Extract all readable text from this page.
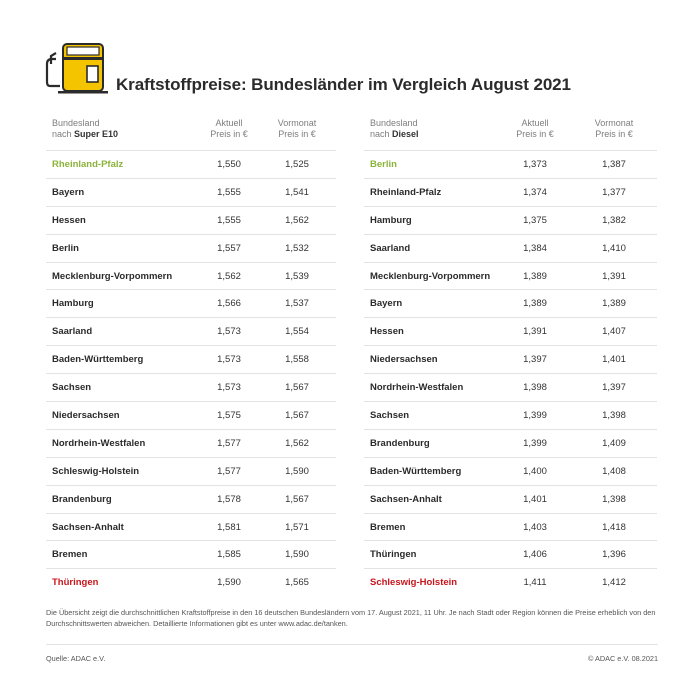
Kraftstoffpreise: Bundesländer im Vergleich August 2021
Bundesland
nach Super E10
Aktuell
Preis in €
Vormonat
Preis in €
Rheinland-Pfalz	1,550	1,525
Bayern	1,555	1,541
Hessen	1,555	1,562
Berlin	1,557	1,532
Mecklenburg-Vorpommern	1,562	1,539
Hamburg	1,566	1,537
Saarland	1,573	1,554
Baden-Württemberg	1,573	1,558
Sachsen	1,573	1,567
Niedersachsen	1,575	1,567
Nordrhein-Westfalen	1,577	1,562
Schleswig-Holstein	1,577	1,590
Brandenburg	1,578	1,567
Sachsen-Anhalt	1,581	1,571
Bremen	1,585	1,590
Thüringen	1,590	1,565
Bundesland
nach Diesel
Aktuell
Preis in €
Vormonat
Preis in €
Berlin	1,373	1,387
Rheinland-Pfalz	1,374	1,377
Hamburg	1,375	1,382
Saarland	1,384	1,410
Mecklenburg-Vorpommern	1,389	1,391
Bayern	1,389	1,389
Hessen	1,391	1,407
Niedersachsen	1,397	1,401
Nordrhein-Westfalen	1,398	1,397
Sachsen	1,399	1,398
Brandenburg	1,399	1,409
Baden-Württemberg	1,400	1,408
Sachsen-Anhalt	1,401	1,398
Bremen	1,403	1,418
Thüringen	1,406	1,396
Schleswig-Holstein	1,411	1,412
Die Übersicht zeigt die durchschnittlichen Kraftstoffpreise in den 16 deutschen Bundesländern vom 17. August 2021, 11 Uhr. Je nach Stadt oder Region können die Preise erheblich von den Durchschnittswerten abweichen. Detaillierte Informationen gibt es unter www.adac.de/tanken.
Quelle: ADAC e.V.	© ADAC e.V. 08.2021
